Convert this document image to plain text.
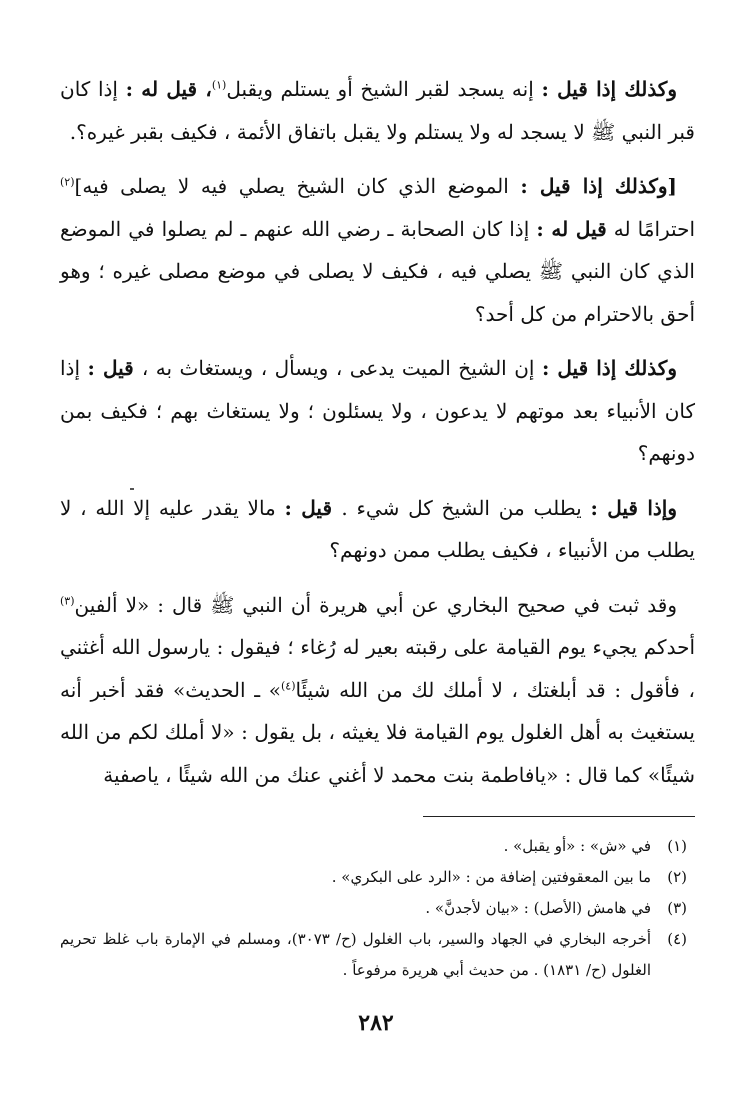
وكذلك إذا قيل : إنه يسجد لقبر الشيخ أو يستلم ويقبل$^{(١)}$، قيل له : إذا كان قبر النبي ﷺ لا يسجد له ولا يستلم ولا يقبل باتفاق الأئمة ، فكيف بقبر غيره؟.

[وكذلك إذا قيل : الموضع الذي كان الشيخ يصلي فيه لا يصلى فيه]$^{(٢)}$ احترامًا له قيل له : إذا كان الصحابة ـ رضي الله عنهم ـ لم يصلوا في الموضع الذي كان النبي ﷺ يصلي فيه ، فكيف لا يصلى في موضع مصلى غيره ؛ وهو أحق بالاحترام من كل أحد؟

وكذلك إذا قيل : إن الشيخ الميت يدعى ، ويسأل ، ويستغاث به ، قيل : إذا كان الأنبياء بعد موتهم لا يدعون ، ولا يسئلون ؛ ولا يستغاث بهم ؛ فكيف بمن دونهم؟

وإذا قيل : يطلب من الشيخ كل شيء . قيل : مالا يقدر عليه إلا الله ، لا يطلب من الأنبياء ، فكيف يطلب ممن دونهم؟

وقد ثبت في صحيح البخاري عن أبي هريرة أن النبي ﷺ قال : «لا ألفين$^{(٣)}$ أحدكم يجيء يوم القيامة على رقبته بعير له رُغاء ؛ فيقول : يارسول الله أغثني ، فأقول : قد أبلغتك ، لا أملك لك من الله شيئًا$^{(٤)}$» ـ الحديث» فقد أخبر أنه يستغيث به أهل الغلول يوم القيامة فلا يغيثه ، بل يقول : «لا أملك لكم من الله شيئًا» كما قال : «يافاطمة بنت محمد لا أغني عنك من الله شيئًا ، ياصفية

(١)
في «ش» : «أو يقبل» .
(٢)
ما بين المعقوفتين إضافة من : «الرد على البكري» .
(٣)
في هامش (الأصل) : «بيان لأجدنَّ» .
(٤)
أخرجه البخاري في الجهاد والسير، باب الغلول (ح/ ٣٠٧٣)، ومسلم في الإمارة باب غلظ تحريم الغلول (ح/ ١٨٣١) . من حديث أبي هريرة مرفوعاً .
٢٨٢
